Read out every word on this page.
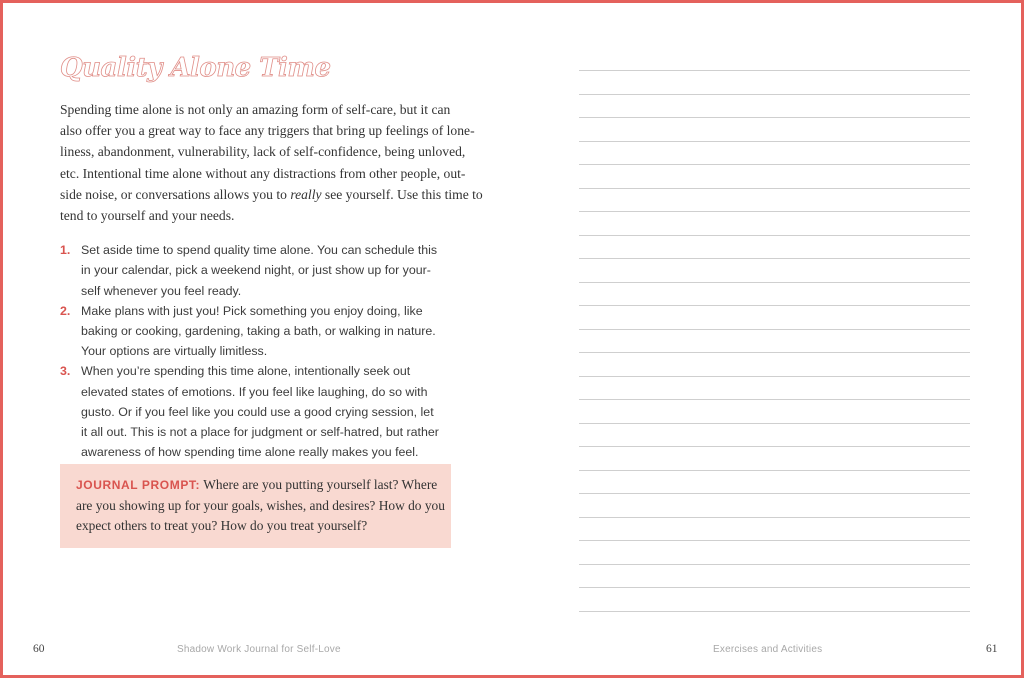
Quality Alone Time

Spending time alone is not only an amazing form of self-care, but it can
also offer you a great way to face any triggers that bring up feelings of lone-
liness, abandonment, vulnerability, lack of self-confidence, being unloved,
etc. Intentional time alone without any distractions from other people, out-
side noise, or conversations allows you to really see yourself. Use this time to
tend to yourself and your needs.

1. Set aside time to spend quality time alone. You can schedule this
in your calendar, pick a weekend night, or just show up for your-
self whenever you feel ready.
2. Make plans with just you! Pick something you enjoy doing, like
baking or cooking, gardening, taking a bath, or walking in nature.
Your options are virtually limitless.
3. When you’re spending this time alone, intentionally seek out
elevated states of emotions. If you feel like laughing, do so with
gusto. Or if you feel like you could use a good crying session, let
it all out. This is not a place for judgment or self-hatred, but rather
awareness of how spending time alone really makes you feel.
JOURNAL PROMPT: Where are you putting yourself last? Where
are you showing up for your goals, wishes, and desires? How do you
expect others to treat you? How do you treat yourself?
60	Shadow Work Journal for Self-Love	Exercises and Activities	61
